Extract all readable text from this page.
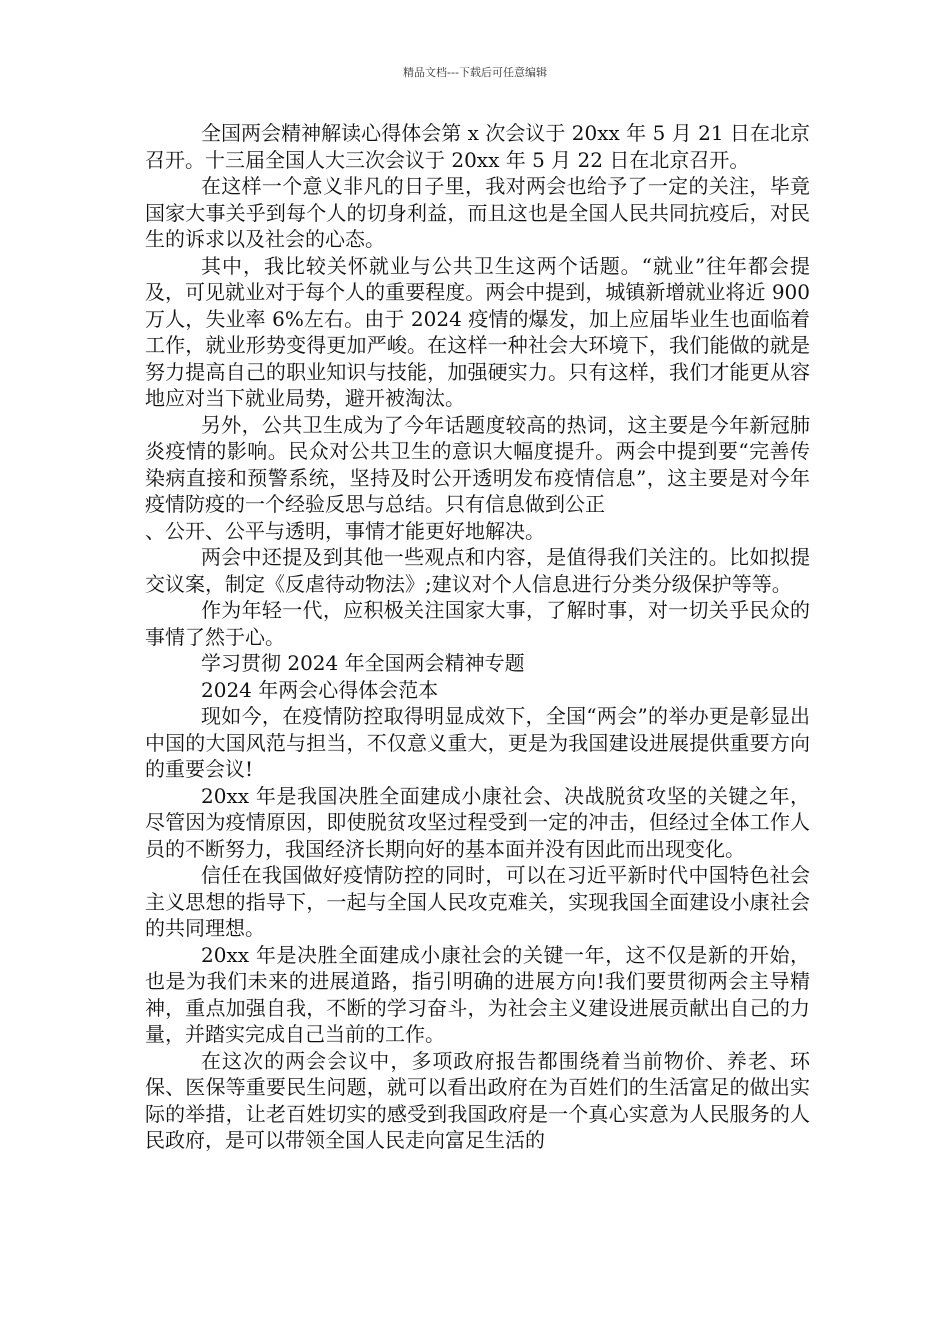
精品文档---下载后可任意编辑

全国两会精神解读心得体会第 x 次会议于 20xx 年 5 月 21 日在北京召开。十三届全国人大三次会议于 20xx 年 5 月 22 日在北京召开。

在这样一个意义非凡的日子里，我对两会也给予了一定的关注，毕竟国家大事关乎到每个人的切身利益，而且这也是全国人民共同抗疫后，对民生的诉求以及社会的心态。

其中，我比较关怀就业与公共卫生这两个话题。“就业”往年都会提及，可见就业对于每个人的重要程度。两会中提到，城镇新增就业将近 900 万人，失业率 6%左右。由于 2024 疫情的爆发，加上应届毕业生也面临着工作，就业形势变得更加严峻。在这样一种社会大环境下，我们能做的就是努力提高自己的职业知识与技能，加强硬实力。只有这样，我们才能更从容地应对当下就业局势，避开被淘汰。

另外，公共卫生成为了今年话题度较高的热词，这主要是今年新冠肺炎疫情的影响。民众对公共卫生的意识大幅度提升。两会中提到要“完善传染病直接和预警系统，坚持及时公开透明发布疫情信息”，这主要是对今年疫情防疫的一个经验反思与总结。只有信息做到公正

、公开、公平与透明，事情才能更好地解决。

两会中还提及到其他一些观点和内容，是值得我们关注的。比如拟提交议案，制定《反虐待动物法》;建议对个人信息进行分类分级保护等等。

作为年轻一代，应积极关注国家大事，了解时事，对一切关乎民众的事情了然于心。

学习贯彻 2024 年全国两会精神专题

2024 年两会心得体会范本

现如今，在疫情防控取得明显成效下，全国“两会”的举办更是彰显出中国的大国风范与担当，不仅意义重大，更是为我国建设进展提供重要方向的重要会议!

20xx 年是我国决胜全面建成小康社会、决战脱贫攻坚的关键之年，尽管因为疫情原因，即使脱贫攻坚过程受到一定的冲击，但经过全体工作人员的不断努力，我国经济长期向好的基本面并没有因此而出现变化。

信任在我国做好疫情防控的同时，可以在习近平新时代中国特色社会主义思想的指导下，一起与全国人民攻克难关，实现我国全面建设小康社会的共同理想。

20xx 年是决胜全面建成小康社会的关键一年，这不仅是新的开始，也是为我们未来的进展道路，指引明确的进展方向!我们要贯彻两会主导精神，重点加强自我，不断的学习奋斗，为社会主义建设进展贡献出自己的力量，并踏实完成自己当前的工作。

在这次的两会会议中，多项政府报告都围绕着当前物价、养老、环保、医保等重要民生问题，就可以看出政府在为百姓们的生活富足的做出实际的举措，让老百姓切实的感受到我国政府是一个真心实意为人民服务的人民政府，是可以带领全国人民走向富足生活的
